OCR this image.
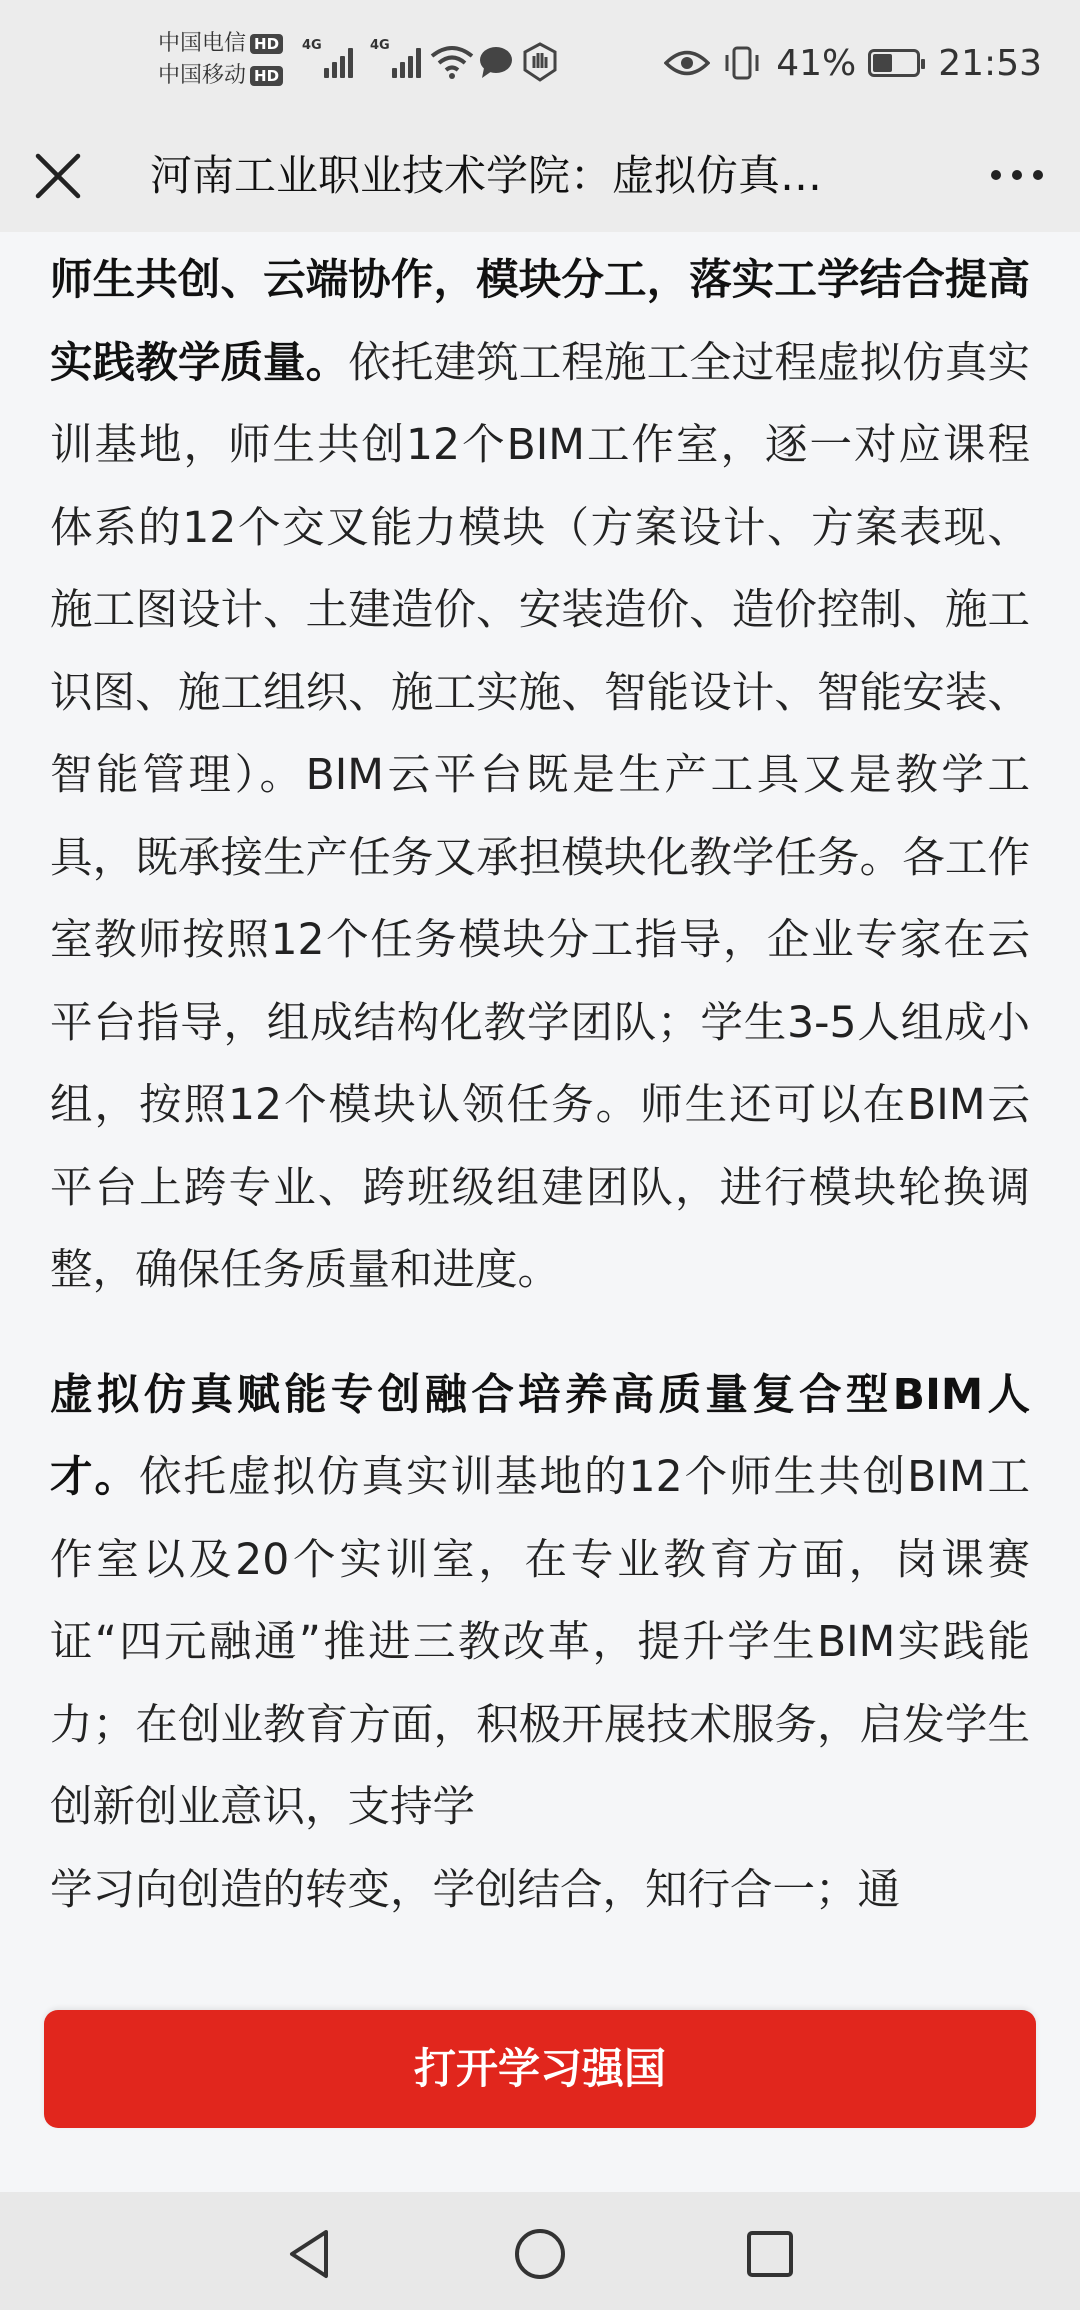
中国电信 HD
中国移动 HD
4G	4G	41% 21:53
河南工业职业技术学院：虚拟仿真…

师生共创、云端协作，模块分工，落实工学结合提高实践教学质量。依托建筑工程施工全过程虚拟仿真实训基地，师生共创12个BIM工作室，逐一对应课程体系的12个交叉能力模块（方案设计、方案表现、施工图设计、土建造价、安装造价、造价控制、施工识图、施工组织、施工实施、智能设计、智能安装、智能管理）。BIM云平台既是生产工具又是教学工具，既承接生产任务又承担模块化教学任务。各工作室教师按照12个任务模块分工指导，企业专家在云平台指导，组成结构化教学团队；学生3-5人组成小组，按照12个模块认领任务。师生还可以在BIM云平台上跨专业、跨班级组建团队，进行模块轮换调整，确保任务质量和进度。

虚拟仿真赋能专创融合培养高质量复合型BIM人才。依托虚拟仿真实训基地的12个师生共创BIM工作室以及20个实训室，在专业教育方面，岗课赛证“四元融通”推进三教改革，提升学生BIM实践能力；在创业教育方面，积极开展技术服务，启发学生创新创业意识，支持学

学习向创造的转变，学创结合，知行合一；通

打开学习强国
